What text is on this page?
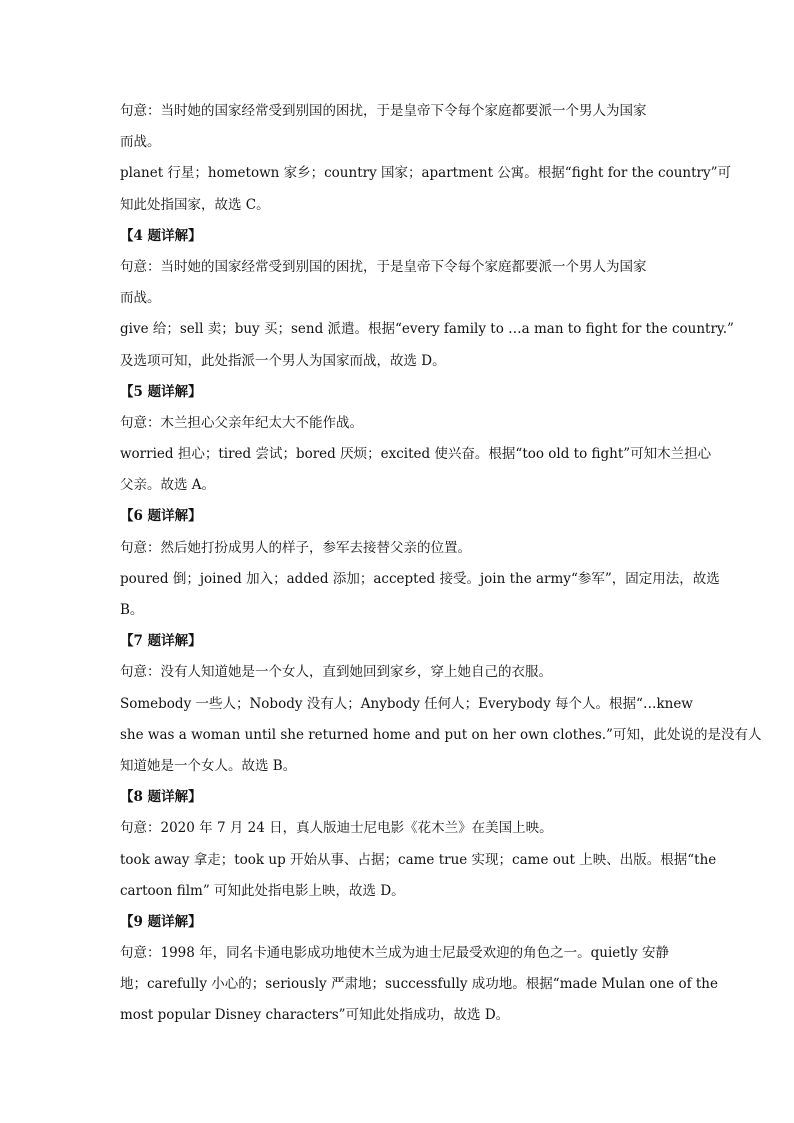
句意：当时她的国家经常受到别国的困扰，于是皇帝下令每个家庭都要派一个男人为国家
而战。
planet 行星；hometown 家乡；country 国家；apartment 公寓。根据“fight for the country”可
知此处指国家，故选 C。
【4 题详解】
句意：当时她的国家经常受到别国的困扰，于是皇帝下令每个家庭都要派一个男人为国家
而战。
give 给；sell 卖；buy 买；send 派遣。根据“every family to …a man to fight for the country.”
及选项可知，此处指派一个男人为国家而战，故选 D。
【5 题详解】
句意：木兰担心父亲年纪太大不能作战。
worried 担心；tired 尝试；bored 厌烦；excited 使兴奋。根据“too old to fight”可知木兰担心
父亲。故选 A。
【6 题详解】
句意：然后她打扮成男人的样子，参军去接替父亲的位置。
poured 倒；joined 加入；added 添加；accepted 接受。join the army“参军”，固定用法，故选
B。
【7 题详解】
句意：没有人知道她是一个女人，直到她回到家乡，穿上她自己的衣服。
Somebody 一些人；Nobody 没有人；Anybody 任何人；Everybody 每个人。根据“…knew
she was a woman until she returned home and put on her own clothes.”可知，此处说的是没有人
知道她是一个女人。故选 B。
【8 题详解】
句意：2020 年 7 月 24 日，真人版迪士尼电影《花木兰》在美国上映。
took away 拿走；took up 开始从事、占据；came true 实现；came out 上映、出版。根据“the
cartoon film” 可知此处指电影上映，故选 D。
【9 题详解】
句意：1998 年，同名卡通电影成功地使木兰成为迪士尼最受欢迎的角色之一。quietly 安静
地；carefully 小心的；seriously 严肃地；successfully 成功地。根据“made Mulan one of the
most popular Disney characters”可知此处指成功，故选 D。
